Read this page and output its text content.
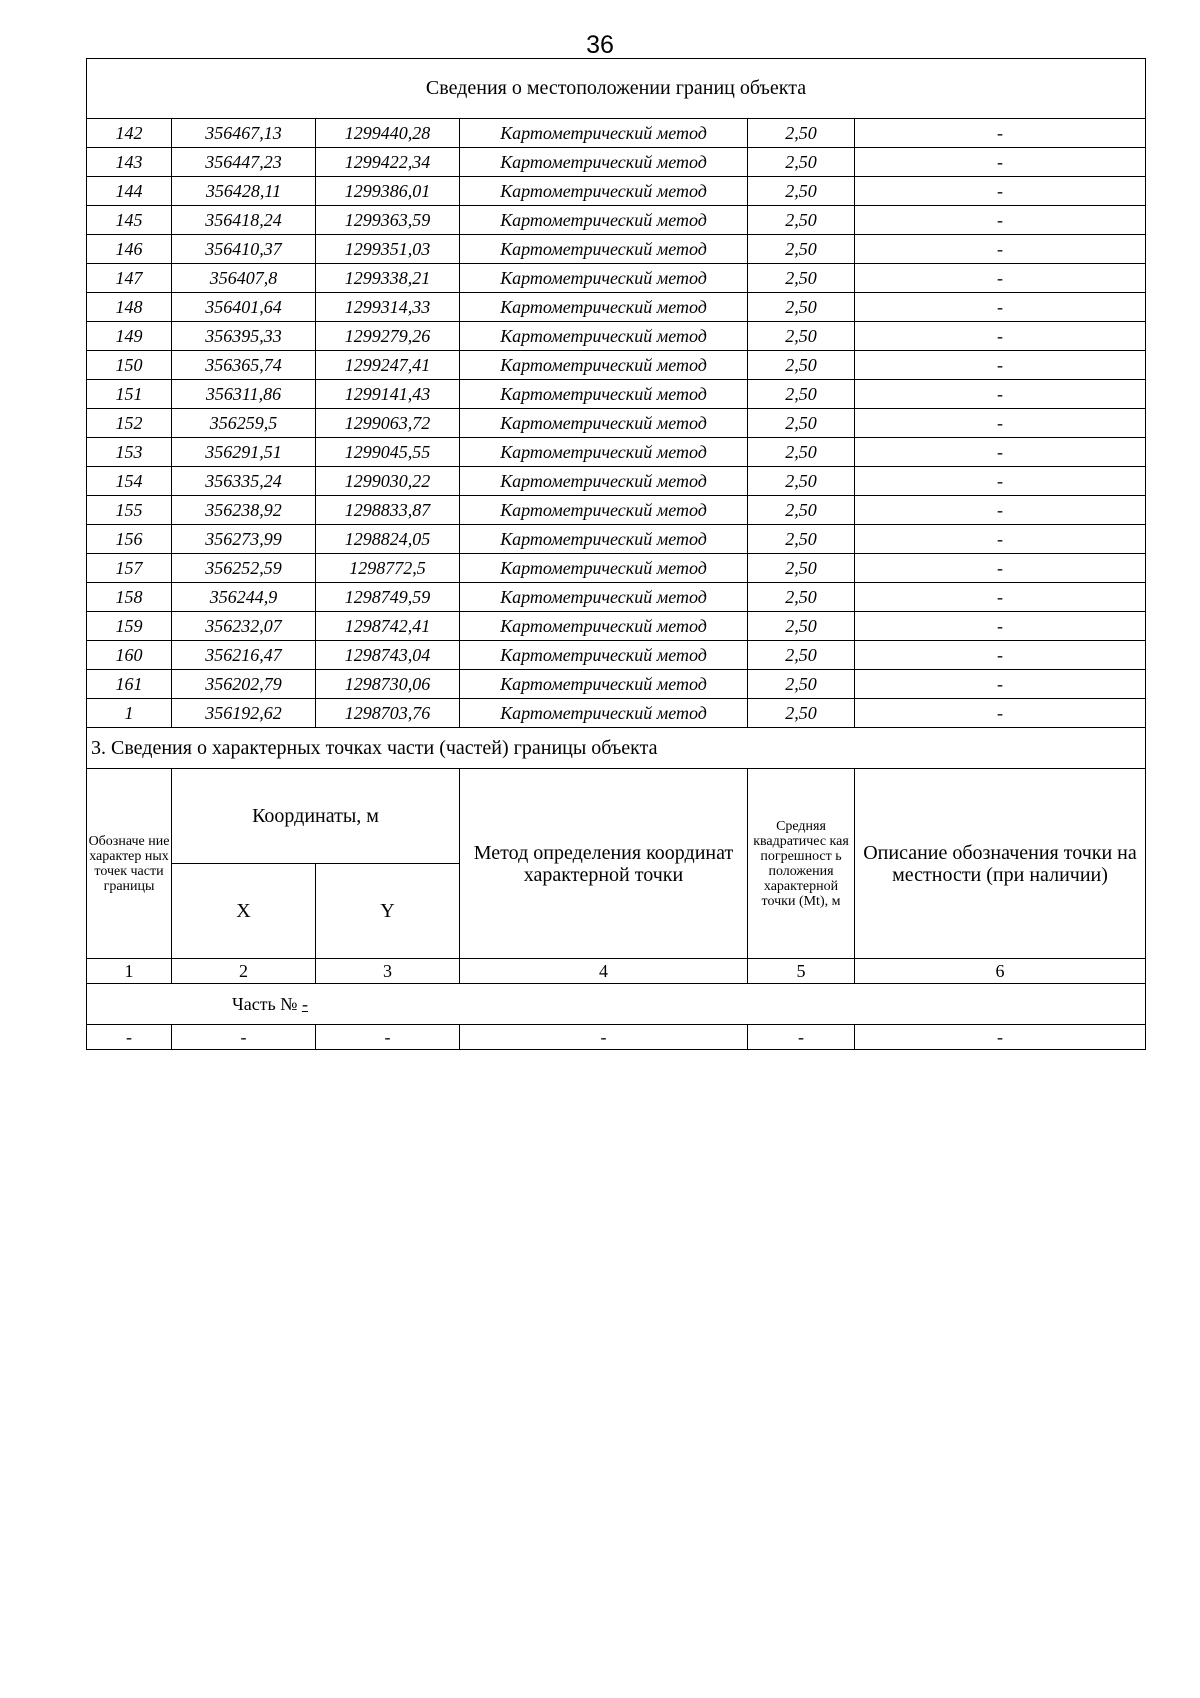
36
Сведения о местоположении границ объекта					
142	356467,13	1299440,28	Картометрический метод	2,50	-
143	356447,23	1299422,34	Картометрический метод	2,50	-
144	356428,11	1299386,01	Картометрический метод	2,50	-
145	356418,24	1299363,59	Картометрический метод	2,50	-
146	356410,37	1299351,03	Картометрический метод	2,50	-
147	356407,8	1299338,21	Картометрический метод	2,50	-
148	356401,64	1299314,33	Картометрический метод	2,50	-
149	356395,33	1299279,26	Картометрический метод	2,50	-
150	356365,74	1299247,41	Картометрический метод	2,50	-
151	356311,86	1299141,43	Картометрический метод	2,50	-
152	356259,5	1299063,72	Картометрический метод	2,50	-
153	356291,51	1299045,55	Картометрический метод	2,50	-
154	356335,24	1299030,22	Картометрический метод	2,50	-
155	356238,92	1298833,87	Картометрический метод	2,50	-
156	356273,99	1298824,05	Картометрический метод	2,50	-
157	356252,59	1298772,5	Картометрический метод	2,50	-
158	356244,9	1298749,59	Картометрический метод	2,50	-
159	356232,07	1298742,41	Картометрический метод	2,50	-
160	356216,47	1298743,04	Картометрический метод	2,50	-
161	356202,79	1298730,06	Картометрический метод	2,50	-
1	356192,62	1298703,76	Картометрический метод	2,50	-
3. Сведения о характерных точках части (частей) границы объекта					
Обозначе ние характер ных точек части границы	Координаты, м		Метод определения координат характерной точки	Средняя квадратичес кая погрешност ь положения характерной точки (Mt), м	Описание обозначения точки на местности (при наличии)
	X	Y			
1	2	3	4	5	6
Часть № -					
-	-	-	-	-	-
